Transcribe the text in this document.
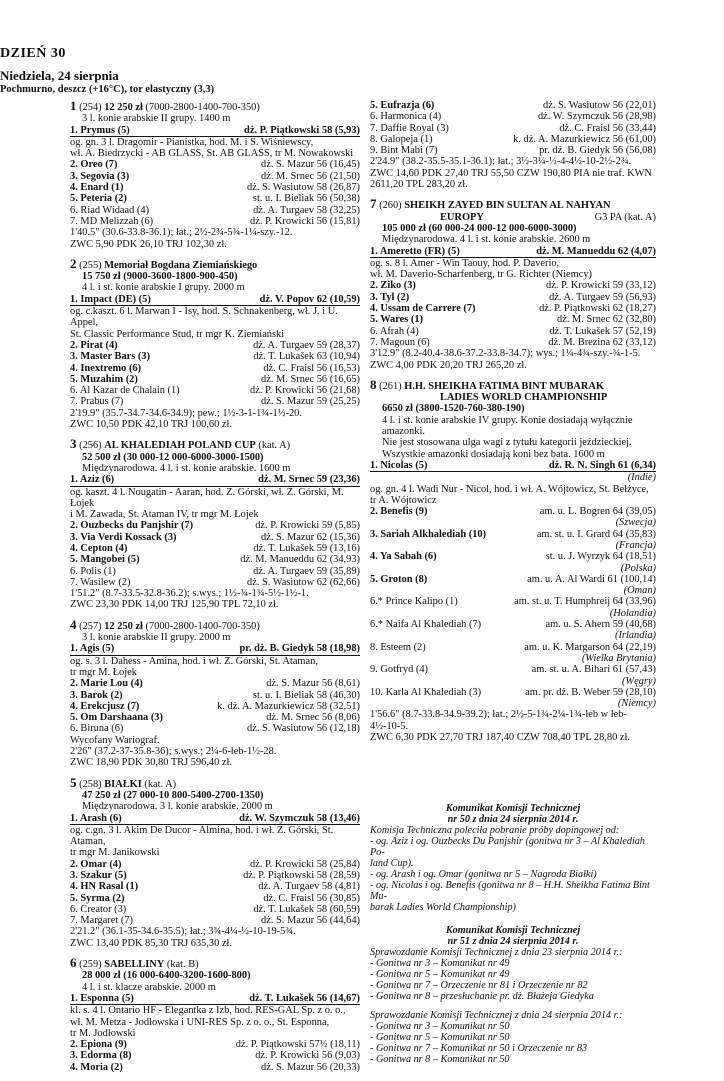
DZIEŃ 30
Niedziela, 24 sierpnia
Pochmurno, deszcz (+16°C), tor elastyczny (3,3)
1 (254) 12 250 zł (7000-2800-1400-700-350)
3 l. konie arabskie II grupy. 1400 m
1. Prymus (5)	dż. P. Piątkowski 58 (5,93)
og. gn. 3 l. Dragomir - Pianistka, hod. M. i S. Wiśniewscy,
wł. A. Biedrzycki - AB GLASS, St. AB GLASS, tr M. Nowakowski
2. Oreo (7)	dż. S. Mazur 56 (16,45)
3. Segovia (3)	dż. M. Srnec 56 (21,50)
4. Enard (1)	dż. S. Wasiutow 58 (26,87)
5. Peteria (2)	st. u. I. Bieliak 56 (50,38)
6. Riad Widaad (4)	dż. A. Turgaev 58 (32,25)
7. MD Melizzah (6)	dż. P. Krowicki 56 (15,81)
1'40.5" (30.6-33.8-36.1); łat.; 2½-2¾-5¾-1¼-szy.-12.
ZWC 5,90 PDK 26,10 TRJ 102,30 zł.
2 (255) Memoriał Bogdana Ziemiańskiego
15 750 zł (9000-3600-1800-900-450)
4 l. i st. konie arabskie I grupy. 2000 m
1. Impact (DE) (5)	dż. V. Popov 62 (10,59)
og. c.kaszt. 6 l. Marwan I - Isy, hod. S. Schnakenberg, wł. J. i U. Appel,
St. Classic Performance Stud, tr mgr K. Ziemiański
2. Pirat (4)	dż. A. Turgaev 59 (28,37)
3. Master Bars (3)	dż. T. Lukašek 63 (10,94)
4. Inextremo (6)	dż. C. Fraisl 56 (16,53)
5. Muzahim (2)	dż. M. Srnec 56 (16,65)
6. Al Kazar de Chalain (1)	dż. P. Krowicki 56 (21,68)
7. Prabus (7)	dż. S. Mazur 59 (25,25)
2'19.9" (35.7-34.7-34.6-34.9); pew.; 1½-3-1-1¾-1½-20.
ZWC 10,50 PDK 42,10 TRJ 100,60 zł.
3 (256) AL KHALEDIAH POLAND CUP (kat. A)
52 500 zł (30 000-12 000-6000-3000-1500)
Międzynarodowa. 4 l. i st. konie arabskie. 1600 m
1. Aziz (6)	dż. M. Srnec 59 (23,36)
og. kaszt. 4 l. Nougatin - Aaran, hod. Z. Górski, wł. Z. Górski, M. Łojek
i M. Zawada, St. Ataman IV, tr mgr M. Łojek
2. Ouzbecks du Panjshir (7)	dż. P. Krowicki 59 (5,85)
3. Via Verdi Kossack (3)	dż. S. Mazur 62 (15,36)
4. Cepton (4)	dż. T. Lukašek 59 (13,16)
5. Mangobei (5)	dż. M. Manueddu 62 (34,93)
6. Polis (1)	dż. A. Turgaev 59 (35,89)
7. Wasilew (2)	dż. S. Wasiutow 62 (62,66)
1'51.2" (8.7-33.5-32.8-36.2); s.wys.; 1½-¾-1¾-5½-1½-1.
ZWC 23,30 PDK 14,00 TRJ 125,90 TPL 72,10 zł.
4 (257) 12 250 zł (7000-2800-1400-700-350)
3 l. konie arabskie II grupy. 2000 m
1. Agis (5)	pr. dż. B. Giedyk 58 (18,98)
og. s. 3 l. Dahess - Amina, hod. i wł. Z. Górski, St. Ataman,
tr mgr M. Łojek
2. Marie Lou (4)	dż. S. Mazur 56 (8,61)
3. Barok (2)	st. u. I. Bieliak 58 (46,30)
4. Erekcjusz (7)	k. dż. A. Mazurkiewicz 58 (32,51)
5. Om Darshaana (3)	dż. M. Srnec 56 (8,06)
6. Biruna (6)	dż. S. Wasiutow 56 (12,18)
Wycofany Wariograf.
2'26" (37.2-37-35.8-36); s.wys.; 2¼-6-łeb-1½-28.
ZWC 18,90 PDK 30,80 TRJ 596,40 zł.
5 (258) BIAŁKI (kat. A)
47 250 zł (27 000-10 800-5400-2700-1350)
Międzynarodowa. 3 l. konie arabskie. 2000 m
1. Arash (6)	dż. W. Szymczuk 58 (13,46)
og. c.gn. 3 l. Akim De Ducor - Almina, hod. i wł. Z. Górski, St. Ataman,
tr mgr M. Janikowski
2. Omar (4)	dż. P. Krowicki 58 (25,84)
3. Szakur (5)	dż. P. Piątkowski 58 (28,59)
4. HN Rasal (1)	dż. A. Turgaev 58 (4,81)
5. Syrma (2)	dż. C. Fraisl 56 (30,85)
6. Creator (3)	dż. T. Lukašek 58 (60,59)
7. Margaret (7)	dż. S. Mazur 56 (44,64)
2'21.2" (36.1-35-34.6-35.5); łat.; 3¾-4¼-½-10-19-5¾.
ZWC 13,40 PDK 85,30 TRJ 635,30 zł.
6 (259) SABELLINY (kat. B)
28 000 zł (16 000-6400-3200-1600-800)
4 l. i st. klacze arabskie. 2000 m
1. Esponna (5)	dż. T. Lukašek 56 (14,67)
kl. s. 4 l. Ontario HF - Elegantka z Izb, hod. RES-GAL Sp. z o. o.,
wł. M. Metza - Jodłowska i UNI-RES Sp. z o. o., St. Esponna,
tr M. Jodłowski
2. Epiona (9)	dż. P. Piątkowski 57½ (18,11)
3. Edorma (8)	dż. P. Krowicki 56 (9,03)
4. Moria (2)	dż. S. Mazur 56 (20,33)
5. Eufrazja (6)	dż. S. Wasiutow 56 (22,01)
6. Harmonica (4)	dż. W. Szymczuk 56 (28,98)
7. Daffie Royal (3)	dż. C. Fraisl 56 (33,44)
8. Galopeja (1)	k. dż. A. Mazurkiewicz 56 (61,00)
9. Bint Mabi (7)	pr. dż. B. Giedyk 56 (56,08)
2'24.9" (38.2-35.5-35.1-36.1); łat.; 3½-3¼-½-4-4½-10-2½-2¾.
ZWC 14,60 PDK 27,40 TRJ 55,50 CZW 190,80 PIA nie traf. KWN
2611,20 TPL 283,20 zł.
7 (260) SHEIKH ZAYED BIN SULTAN AL NAHYAN
EUROPY	G3 PA (kat. A)
105 000 zł (60 000-24 000-12 000-6000-3000)
Międzynarodowa. 4 l. i st. konie arabskie. 2600 m
1. Ameretto (FR) (5)	dż. M. Manueddu 62 (4,07)
og. s. 8 l. Amer - Win Taouy, hod. P. Daverio,
wł. M. Daverio-Scharfenberg, tr G. Richter (Niemcy)
2. Ziko (3)	dż. P. Krowicki 59 (33,12)
3. Tyl (2)	dż. A. Turgaev 59 (56,93)
4. Ussam de Carrere (7)	dż. P. Piątkowski 62 (18,27)
5. Wares (1)	dż. M. Srnec 62 (32,80)
6. Afrah (4)	dż. T. Lukašek 57 (52,19)
7. Magoun (6)	dż. M. Brezina 62 (33,12)
3'12.9" (8.2-40.4-38.6-37.2-33.8-34.7); wys.; 1¼-4¾-szy.-¾-1-5.
ZWC 4,00 PDK 20,20 TRJ 265,20 zł.
8 (261) H.H. SHEIKHA FATIMA BINT MUBARAK
LADIES WORLD CHAMPIONSHIP
6650 zł (3800-1520-760-380-190)
4 l. i st. konie arabskie IV grupy. Konie dosiadają wyłącznie amazonki.
Nie jest stosowana ulga wagi z tytułu kategorii jeździeckiej.
Wszystkie amazonki dosiadają koni bez bata. 1600 m
1. Nicolas (5)	dż. R. N. Singh 61 (6,34)
(Indie)
og. gn. 4 l. Wadi Nur - Nicol, hod. i wł. A. Wójtowicz, St. Bełżyce,
tr A. Wójtowicz
2. Benefis (9)	am. u. L. Bogren 64 (39,05)
(Szwecja)
3. Sariah Alkhalediah (10)	am. st. u. I. Grard 64 (35,83)
(Francja)
4. Ya Sabah (6)	st. u. J. Wyrzyk 64 (18,51)
(Polska)
5. Groton (8)	am. u. A. Al Wardi 61 (100,14)
(Oman)
6.* Prince Kalipo (1)	am. st. u. T. Humphreij 64 (33,96)
(Holandia)
6.* Naifa Al Khalediah (7)	am. u. S. Ahern 59 (40,68)
(Irlandia)
8. Esteem (2)	am. u. K. Margarson 64 (22,19)
(Wielka Brytania)
9. Gotfryd (4)	am. st. u. A. Bihari 61 (57,43)
(Węgry)
10. Karla Al Khalediah (3)	am. pr. dż. B. Weber 59 (28,10)
(Niemcy)
1'56.6" (8.7-33.8-34.9-39.2); łat.; 2½-5-1¾-2¼-1¾-łeb w łeb-4½-10-5.
ZWC 6,30 PDK 27,70 TRJ 187,40 CZW 708,40 TPL 28,80 zł.
Komunikat Komisji Technicznej
nr 50 z dnia 24 sierpnia 2014 r.
Komisja Techniczna poleciła pobranie próby dopingowej od:
- og. Aziz i og. Ouzbecks Du Panjshir (gonitwa nr 3 – Al Khalediah Po-
land Cup).
- og. Arash i og. Omar (gonitwa nr 5 – Nagroda Białki)
- og. Nicolas i og. Benefis (gonitwa nr 8 – H.H. Sheikha Fatima Bint Mu-
barak Ladies World Championship)
Komunikat Komisji Technicznej
nr 51 z dnia 24 sierpnia 2014 r.
Sprawozdanie Komisji Technicznej z dnia 23 sierpnia 2014 r.:
- Gonitwa nr 3 – Komunikat nr 49
- Gonitwa nr 5 – Komunikat nr 49
- Gonitwa nr 7 – Orzeczenie nr 81 i Orzeczenie nr 82
- Gonitwa nr 8 – przesłuchanie pr. dż. Błażeja Giedyka
Sprawozdanie Komisji Technicznej z dnia 24 sierpnia 2014 r.:
- Gonitwa nr 3 – Komunikat nr 50
- Gonitwa nr 5 – Komunikat nr 50
- Gonitwa nr 7 – Komunikat nr 50 i Orzeczenie nr 83
- Gonitwa nr 8 – Komunikat nr 50
